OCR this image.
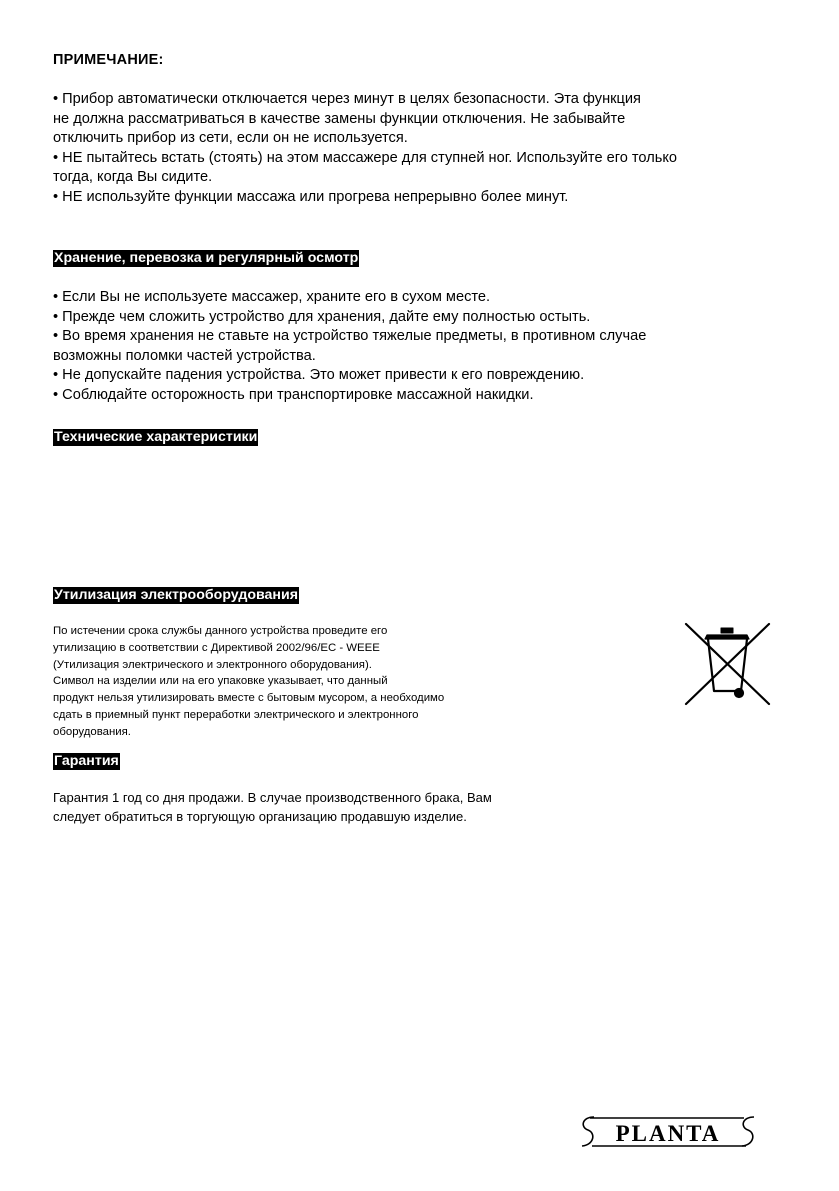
ПРИМЕЧАНИЕ:
• Прибор автоматически отключается через минут в целях безопасности. Эта функция
не должна рассматриваться в качестве замены функции отключения. Не забывайте
отключить прибор из сети, если он не используется.
• НЕ пытайтесь встать (стоять) на этом массажере для ступней ног. Используйте его только
тогда, когда Вы сидите.
• НЕ используйте функции массажа или прогрева непрерывно более минут.
Хранение, перевозка и регулярный осмотр
• Если Вы не используете массажер, храните его в сухом месте.
• Прежде чем сложить устройство для хранения, дайте ему полностью остыть.
• Во время хранения не ставьте на устройство тяжелые предметы, в противном случае
возможны поломки частей устройства.
• Не допускайте падения устройства. Это может привести к его повреждению.
• Соблюдайте осторожность при транспортировке массажной накидки.
Технические характеристики
Утилизация электрооборудования
По истечении срока службы данного устройства проведите его
утилизацию в соответствии с Директивой 2002/96/EC - WEEE
(Утилизация электрического и электронного оборудования).
Символ на изделии или на его упаковке указывает, что данный
продукт нельзя утилизировать вместе с бытовым мусором, а необходимо
сдать в приемный пункт переработки электрического и электронного
оборудования.
Гарантия
Гарантия 1 год со дня продажи. В случае производственного брака, Вам
следует обратиться в торгующую организацию продавшую изделие.
PLANTA
